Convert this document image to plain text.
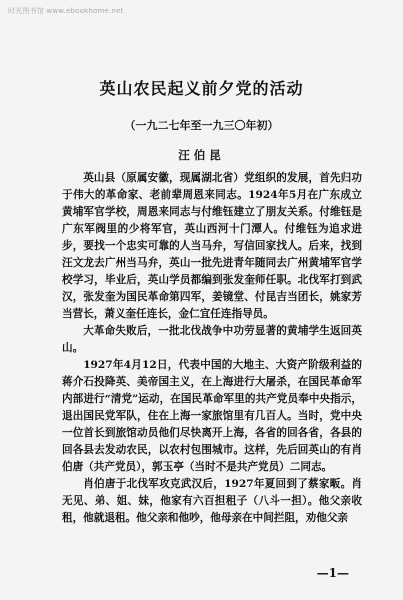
时光图书馆 www.ebookhome.net
英山农民起义前夕党的活动
（一九二七年至一九三〇年初）
汪伯昆

英山县（原属安徽，现属湖北省）党组织的发展，首先归功于伟大的革命家、老前辈周恩来同志。1924年5月在广东成立黄埔军官学校，周恩来同志与付维钰建立了朋友关系。付维钰是广东军阀里的少将军官，英山西河十门潭人。付维钰为追求进步，要找一个忠实可靠的人当马弁，写信回家找人。后来，找到汪文龙去广州当马弁，英山一批先进青年随同去广州黄埔军官学校学习，毕业后，英山学员都编到张发奎师任职。北伐军打到武汉，张发奎为国民革命第四军，姜镜堂、付昆吉当团长，姚家芳当营长，萧义奎任连长，金仁宜任连指导员。

大革命失败后，一批北伐战争中功劳显著的黄埔学生返回英山。

1927年4月12日，代表中国的大地主、大资产阶级利益的蒋介石投降英、美帝国主义，在上海进行大屠杀，在国民革命军内部进行“清党”运动，在国民革命军里的共产党员奉中央指示，退出国民党军队，住在上海一家旅馆里有几百人。当时，党中央一位首长到旅馆动员他们尽快离开上海，各省的回各省，各县的回各县去发动农民，以农村包围城市。这样，先后回英山的有肖伯唐（共产党员），郭玉亭（当时不是共产党员）二同志。

肖伯唐于北伐军攻克武汉后，1927年夏回到了蔡家畈。肖无见、弟、姐、妹，他家有六百担租子（八斗一担）。他父亲收租，他就退租。他父亲和他吵，他母亲在中间拦阻，劝他父亲

—1—
